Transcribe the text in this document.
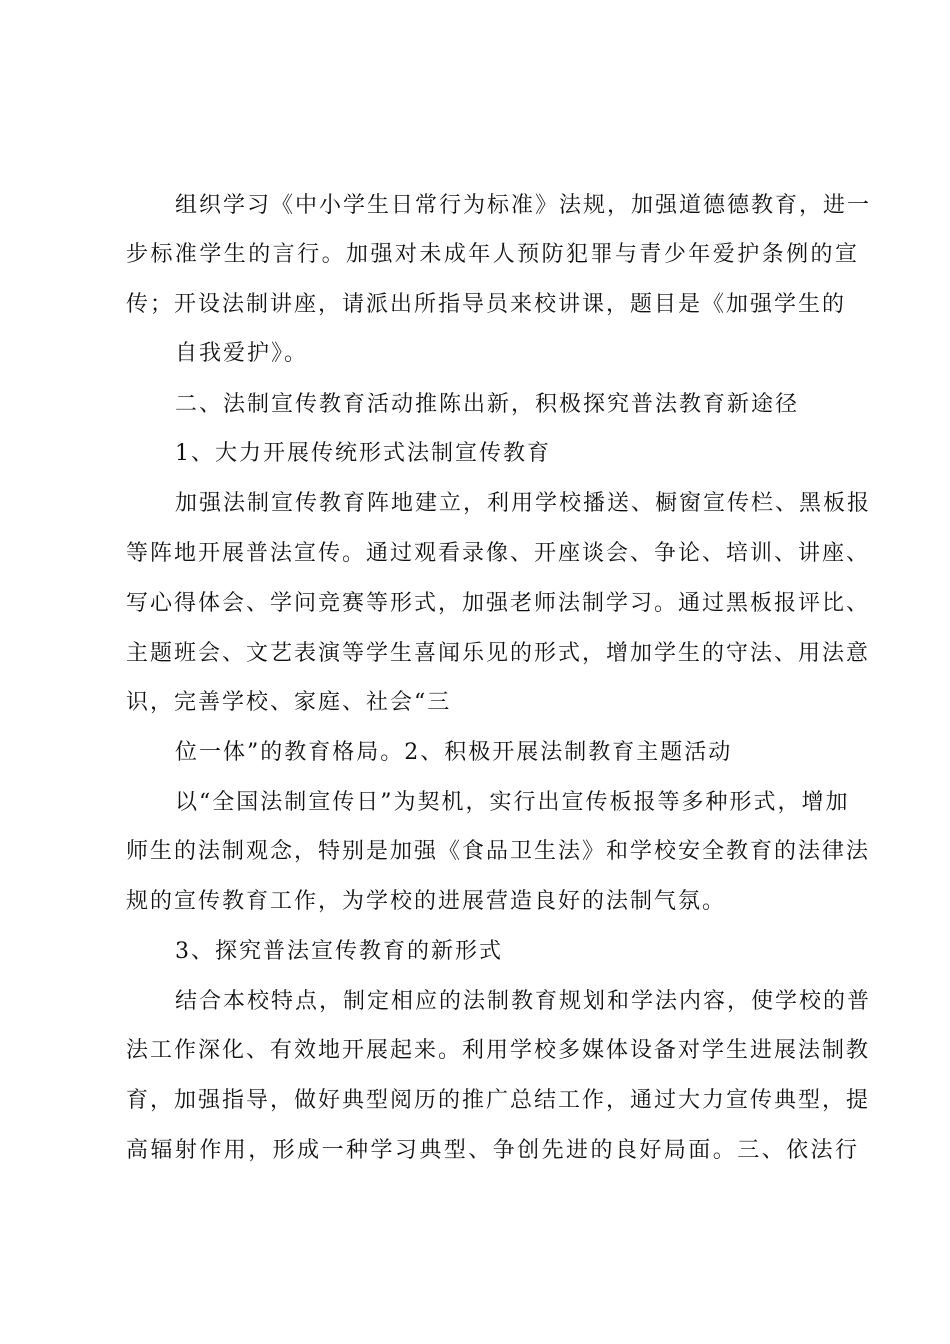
组织学习《中小学生日常行为标准》法规，加强道德德教育，进一

步标准学生的言行。加强对未成年人预防犯罪与青少年爱护条例的宣

传；开设法制讲座，请派出所指导员来校讲课，题目是《加强学生的

自我爱护》。

二、法制宣传教育活动推陈出新，积极探究普法教育新途径

1、大力开展传统形式法制宣传教育

加强法制宣传教育阵地建立，利用学校播送、橱窗宣传栏、黑板报

等阵地开展普法宣传。通过观看录像、开座谈会、争论、培训、讲座、

写心得体会、学问竞赛等形式，加强老师法制学习。通过黑板报评比、

主题班会、文艺表演等学生喜闻乐见的形式，增加学生的守法、用法意

识，完善学校、家庭、社会“三

位一体”的教育格局。2、积极开展法制教育主题活动

以“全国法制宣传日”为契机，实行出宣传板报等多种形式，增加

师生的法制观念，特别是加强《食品卫生法》和学校安全教育的法律法

规的宣传教育工作，为学校的进展营造良好的法制气氛。

3、探究普法宣传教育的新形式

结合本校特点，制定相应的法制教育规划和学法内容，使学校的普

法工作深化、有效地开展起来。利用学校多媒体设备对学生进展法制教

育，加强指导，做好典型阅历的推广总结工作，通过大力宣传典型，提

高辐射作用，形成一种学习典型、争创先进的良好局面。三、依法行
